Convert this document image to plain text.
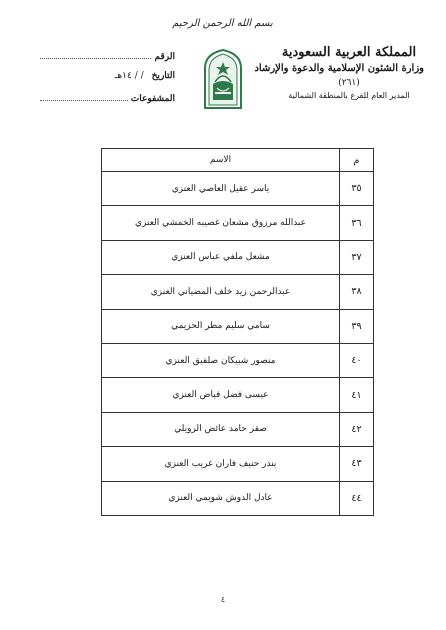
بسم الله الرحمن الرحيم
المملكة العربية السعودية
وزارة الشئون الإسلامية والدعوة والإرشاد
(٢٦١)
المدير العام للفرع بالمنطقة الشمالية
الرقم
التاريخ
/ / ١٤هـ
المشفوعات
م	الاسم
٣٥	ياسر عقيل العاصي العنزي
٣٦	عبدالله مرزوق مشعان غصيبه الخمشي العنزي
٣٧	مشعل ملفي عباس العنزي
٣٨	عبدالرحمن زيد خلف المضياني العنزي
٣٩	سامي سليم مطر الحزيمي
٤٠	منصور شبيكان صلفيق العنزي
٤١	عيسى فضل فياض العنزي
٤٢	صقر حامد عائض الرويلي
٤٣	بندر حنيف فاران غريب العنزي
٤٤	عادل الدوش شويمي العنزي
٤
